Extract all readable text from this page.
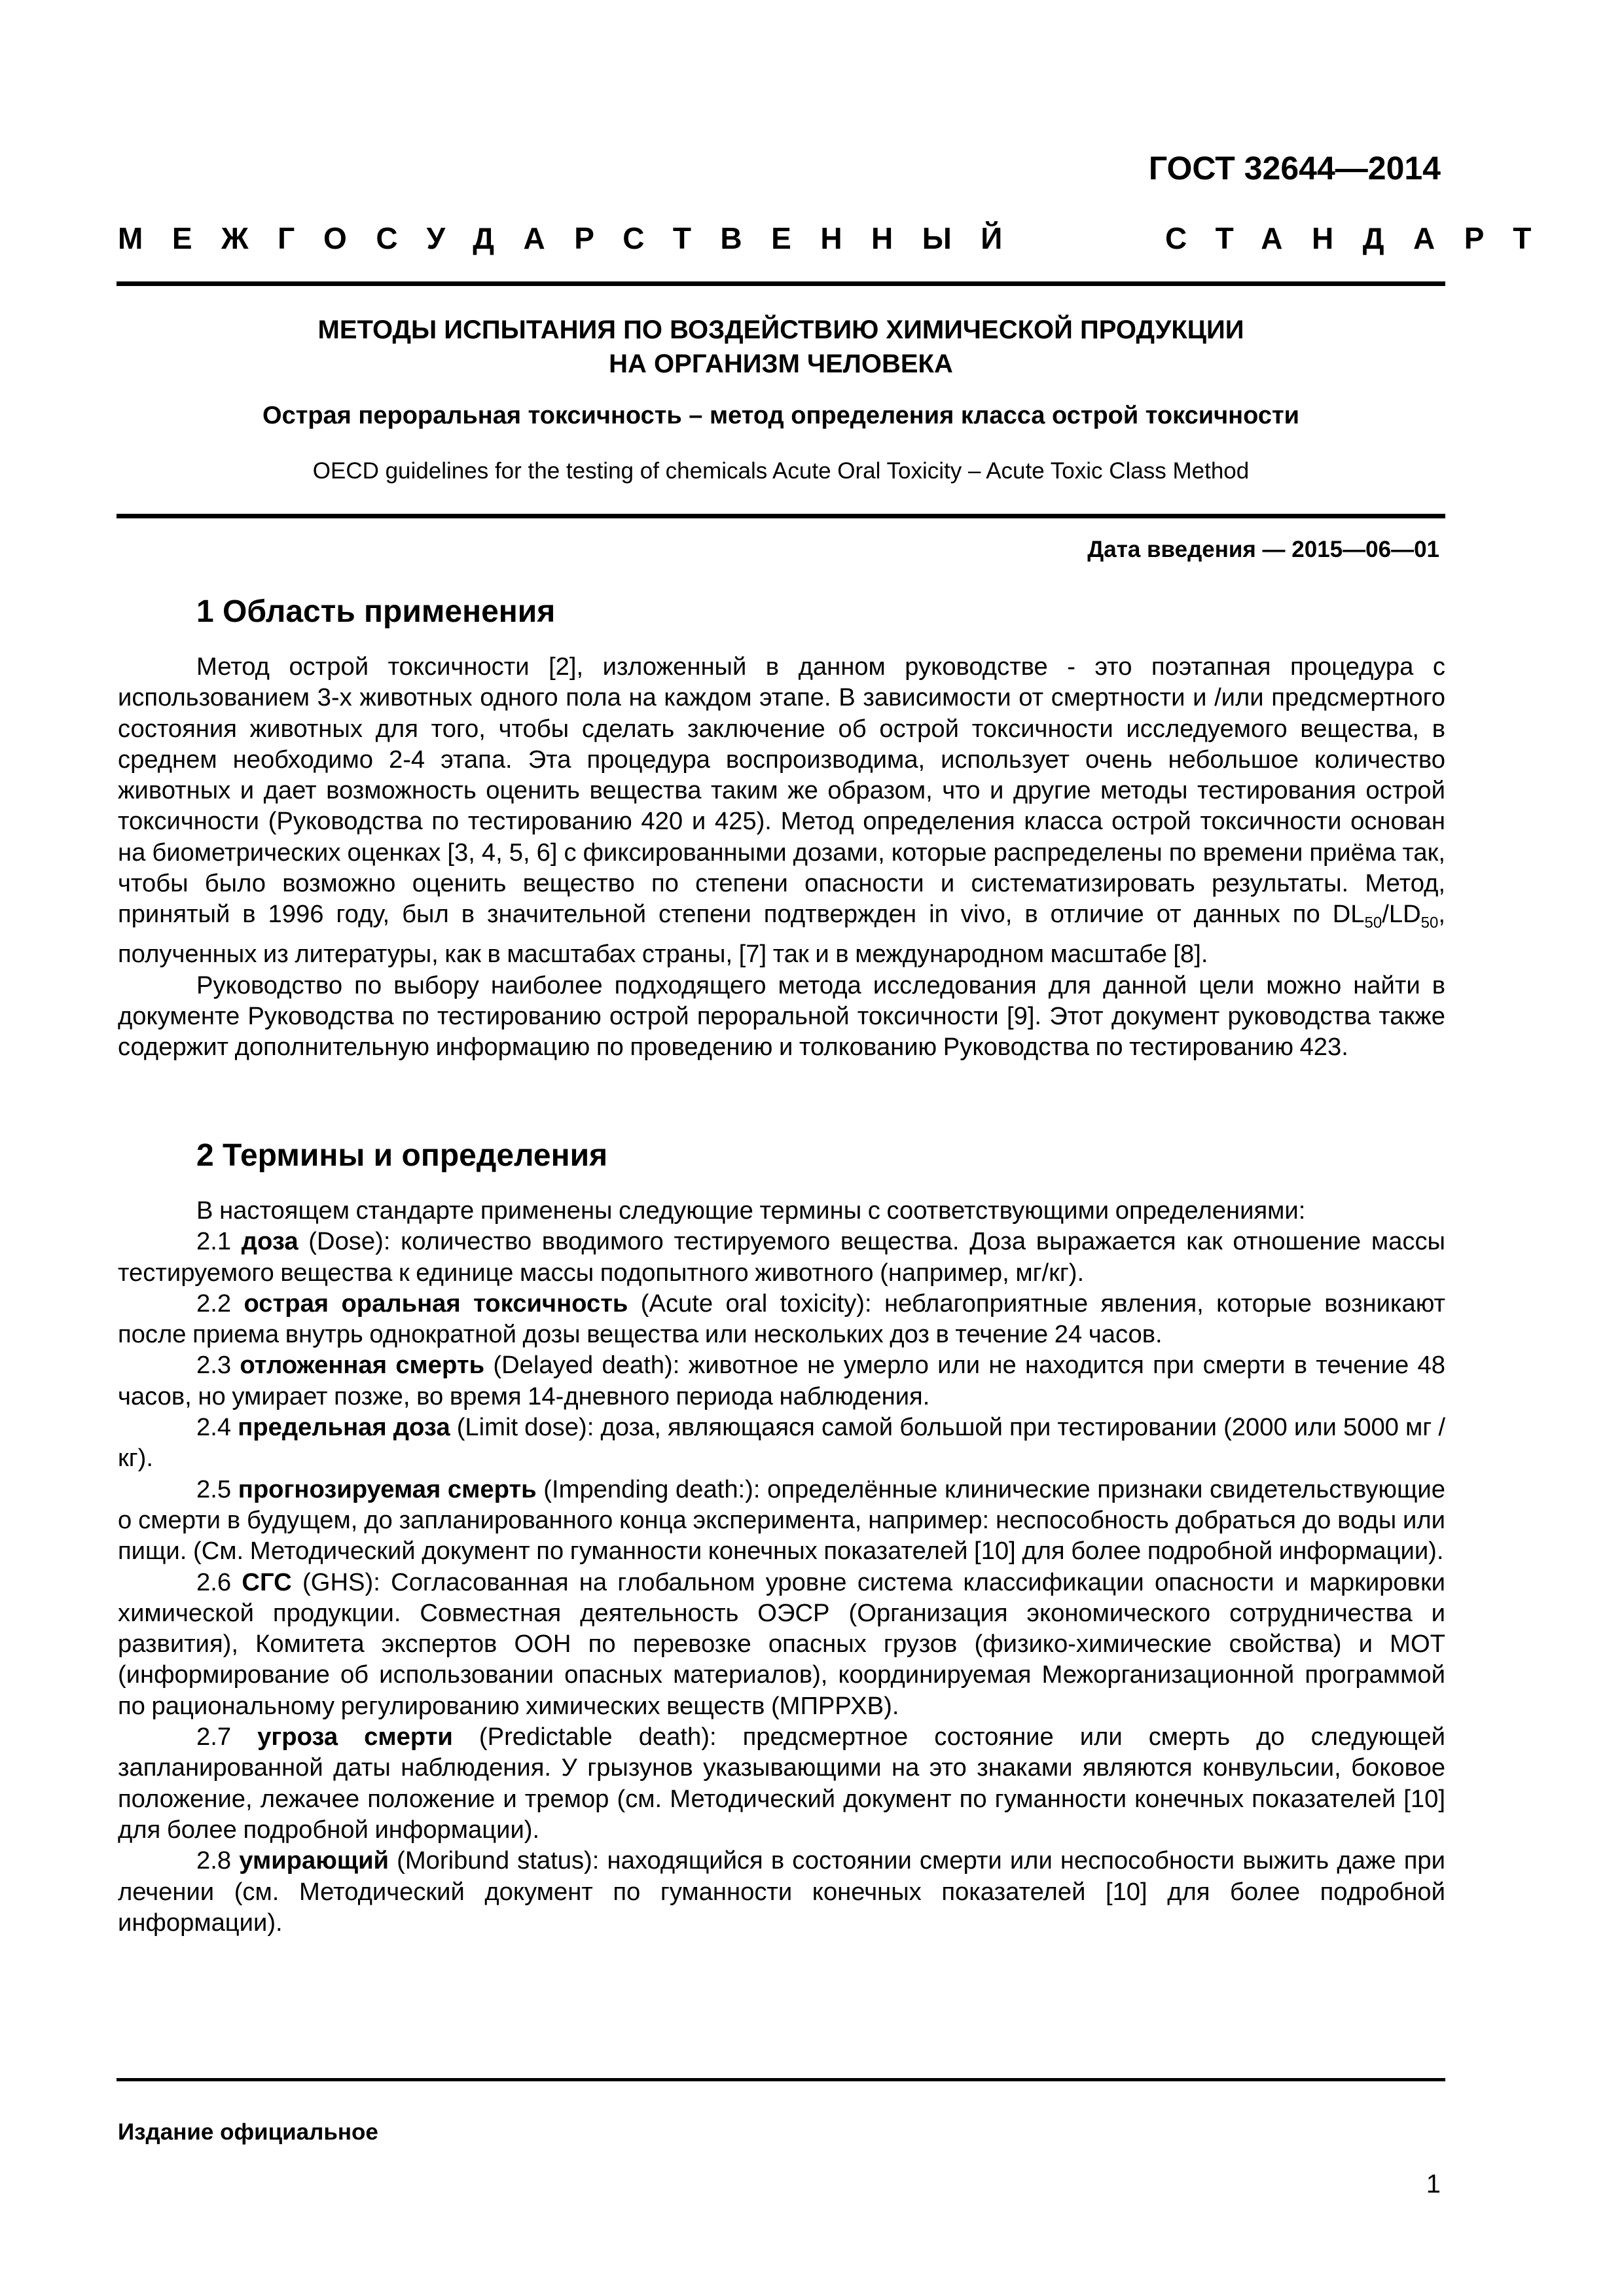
ГОСТ 32644—2014
МЕЖГОСУДАРСТВЕННЫЙ	СТАНДАРТ
МЕТОДЫ ИСПЫТАНИЯ ПО ВОЗДЕЙСТВИЮ ХИМИЧЕСКОЙ ПРОДУКЦИИ
НА ОРГАНИЗМ ЧЕЛОВЕКА
Острая пероральная токсичность – метод определения класса острой токсичности
OECD guidelines for the testing of chemicals Acute Oral Toxicity – Acute Toxic Class Method
Дата введения — 2015—06—01
1 Область применения

Метод острой токсичности [2], изложенный в данном руководстве - это поэтапная процедура с использованием 3-х животных одного пола на каждом этапе. В зависимости от смертности и /или предсмертного состояния животных для того, чтобы сделать заключение об острой токсичности исследуемого вещества, в среднем необходимо 2-4 этапа. Эта процедура воспроизводима, использует очень небольшое количество животных и дает возможность оценить вещества таким же образом, что и другие методы тестирования острой токсичности (Руководства по тестированию 420 и 425). Метод определения класса острой токсичности основан на биометрических оценках [3, 4, 5, 6] с фиксированными дозами, которые распределены по времени приёма так, чтобы было возможно оценить вещество по степени опасности и систематизировать результаты. Метод, принятый в 1996 году, был в значительной степени подтвержден in vivo, в отличие от данных по $DL_{50}/LD_{50}$, полученных из литературы, как в масштабах страны, [7] так и в международном масштабе [8].

Руководство по выбору наиболее подходящего метода исследования для данной цели можно найти в документе Руководства по тестированию острой пероральной токсичности [9]. Этот документ руководства также содержит дополнительную информацию по проведению и толкованию Руководства по тестированию 423.

2 Термины и определения

В настоящем стандарте применены следующие термины с соответствующими определениями:

2.1 доза (Dose): количество вводимого тестируемого вещества. Доза выражается как отношение массы тестируемого вещества к единице массы подопытного животного (например, мг/кг).

2.2 острая оральная токсичность (Acute oral toxicity): неблагоприятные явления, которые возникают после приема внутрь однократной дозы вещества или нескольких доз в течение 24 часов.

2.3 отложенная смерть (Delayed death): животное не умерло или не находится при смерти в течение 48 часов, но умирает позже, во время 14-дневного периода наблюдения.

2.4 предельная доза (Limit dose): доза, являющаяся самой большой при тестировании (2000 или 5000 мг / кг).

2.5 прогнозируемая смерть (Impending death:): определённые клинические признаки свидетельствующие о смерти в будущем, до запланированного конца эксперимента, например: неспособность добраться до воды или пищи. (См. Методический документ по гуманности конечных показателей [10] для более подробной информации).

2.6 СГС (GHS): Согласованная на глобальном уровне система классификации опасности и маркировки химической продукции. Совместная деятельность ОЭСР (Организация экономического сотрудничества и развития), Комитета экспертов ООН по перевозке опасных грузов (физико-химические свойства) и МОТ (информирование об использовании опасных материалов), координируемая Межорганизационной программой по рациональному регулированию химических веществ (МПРРХВ).

2.7 угроза смерти (Predictable death): предсмертное состояние или смерть до следующей запланированной даты наблюдения. У грызунов указывающими на это знаками являются конвульсии, боковое положение, лежачее положение и тремор (см. Методический документ по гуманности конечных показателей [10] для более подробной информации).

2.8 умирающий (Moribund status): находящийся в состоянии смерти или неспособности выжить даже при лечении (см. Методический документ по гуманности конечных показателей [10] для более подробной информации).

Издание официальное
1
